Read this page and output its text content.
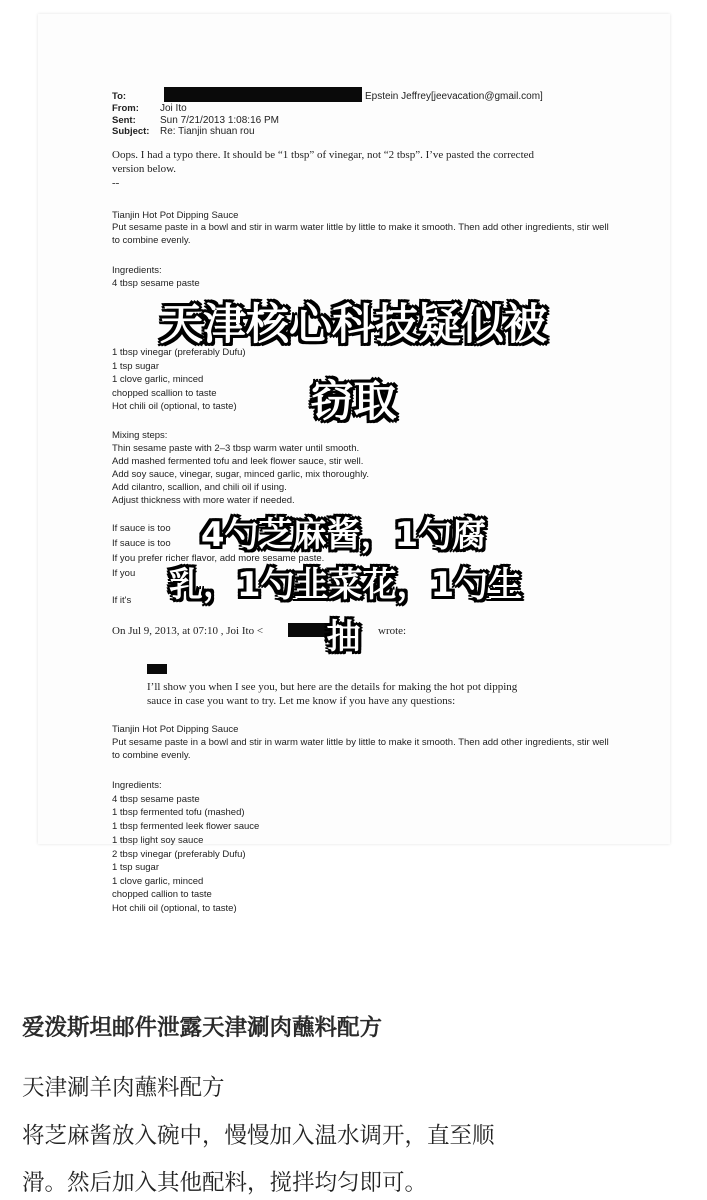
To:	Epstein Jeffrey[jeevacation@gmail.com]
From: Joi Ito
Sent: Sun 7/21/2013 1:08:16 PM
Subject: Re: Tianjin shuan rou
Oops. I had a typo there. It should be “1 tbsp” of vinegar, not “2 tbsp”. I’ve pasted the corrected
version below.
--
Tianjin Hot Pot Dipping Sauce
Put sesame paste in a bowl and stir in warm water little by little to make it smooth. Then add other ingredients, stir well
to combine evenly.
Ingredients:
4 tbsp sesame paste
1 tbsp vinegar (preferably Dufu)
1 tsp sugar
1 clove garlic, minced
chopped scallion to taste
Hot chili oil (optional, to taste)
Mixing steps:
Thin sesame paste with 2–3 tbsp warm water until smooth.
Add mashed fermented tofu and leek flower sauce, stir well.
Add soy sauce, vinegar, sugar, minced garlic, mix thoroughly.
Add cilantro, scallion, and chili oil if using.
Adjust thickness with more water if needed.
If sauce is too
If sauce is too
If you prefer richer flavor, add more sesame paste.
If you
If it's
On Jul 9, 2013, at 07:10 , Joi Ito <	wrote:
I’ll show you when I see you, but here are the details for making the hot pot dipping
sauce in case you want to try. Let me know if you have any questions:
Tianjin Hot Pot Dipping Sauce
Put sesame paste in a bowl and stir in warm water little by little to make it smooth. Then add other ingredients, stir well
to combine evenly.
Ingredients:
4 tbsp sesame paste
1 tbsp fermented tofu (mashed)
1 tbsp fermented leek flower sauce
1 tbsp light soy sauce
2 tbsp vinegar (preferably Dufu)
1 tsp sugar
1 clove garlic, minced
chopped callion to taste
Hot chili oil (optional, to taste)
天津核心科技疑似被
窃取
4勺芝麻酱，1勺腐
乳，1勺韭菜花，1勺生
抽
爱泼斯坦邮件泄露天津涮肉蘸料配方
天津涮羊肉蘸料配方
将芝麻酱放入碗中，慢慢加入温水调开，直至顺
滑。然后加入其他配料，搅拌均匀即可。
